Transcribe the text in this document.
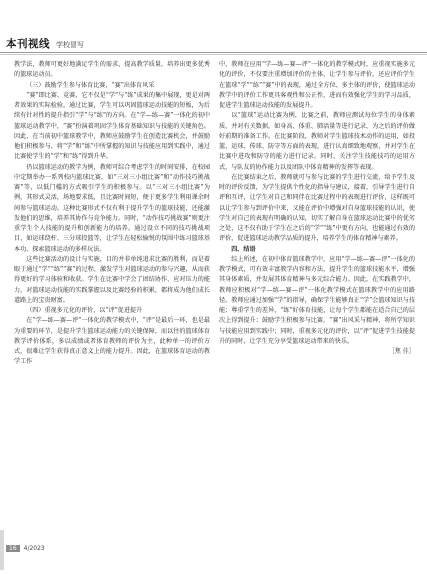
本刊视线 学校冒写

教学法，教师可更好地满足学生的需求，提高教学质量，培养出更多优秀的篮球运动员。

（三）鼓励学生参与体育比赛，“赛”出体育风采

“赛”即比赛、竞赛，它不仅是“学”与“练”成果的集中展现，更是对两者效果的实际检验。通过比赛，学生可以巩固篮球运动技能的短板，为后续有针对性的提升指引“学”与“练”的方向。在“学—练—赛”一体化的初中篮球运动教学中，“赛”扮演着巩固学生体育基础知识与技能的关键角色。因此，在当前初中篮球教学中，教师应鼓励学生在创造比赛机会，并鼓励他们积极参与，将“学”和“练”中所掌握的知识与技能应用到实践中，通过比赛使学生的“学”和“练”得到升华。

仍以篮球运动的教学为例，教师可综合考虑学生的时间安排，在校园中定期举办一系列校内篮球比赛，如“三对三小组比赛”和“动作技巧挑战赛”等，以低门槛的方式吸引学生的积极参与。以“三对三小组比赛”为例，其形式灵活，场地要求低，且比赛时间短，便于更多学生利用课余时间参与篮球运动。这种比赛形式不仅有利于提升学生的篮球技能，还能激发他们的思维，培养其协作与竞争能力。同时，“动作技巧挑战赛”则更注重学生个人技能的提升和创新能力的培养。通过设立不同的技巧挑战项目，如运球绕杆、三分球投篮等，让学生在轻松愉悦的氛围中练习篮球基本功，探索篮球运动的多样玩法。

这些比赛活动的设计与实施，目的并非单纯追求比赛的胜利，而是着眼于通过“学”“练”“赛”的过程，激发学生对篮球运动的参与兴趣，从而获得更好的学习体验和收获。学生在比赛中学会了团结协作、应对压力的能力，对篮球运动技能的实践掌握以及比赛经验的积累，都将成为他们成长道路上的宝贵财富。

（四）重视多元化的评价，以“评”促进提升

在“学—练—赛—评”一体化的教学模式中，“评”是最后一环，也是最为重要的环节，是提升学生篮球运动能力的关键保障，而以往的篮球体育教学评价体系，多以成绩或者体育教师的评价为主，此种单一的评价方式，很难让学生获得真正意义上的能力提升。因此，在篮球体育运动的教学工作

中，教师在应用“学—练—赛—评”一体化的教学模式时，应重视实施多元化的评价，不仅要注重增加评价的主体，让学生参与评价，还应评价学生在篮球“学”“练”“赛”中的表现，通过全方位、多主体的评价，使篮球运动教学中的评价工作更具客观性和公正性，进而有效强化学生的学习品质，促进学生篮球运动技能的发展提升。

以“篮球”运动比赛为例，比赛之前，教师应测试每位学生的身体素质，并对有关数据，如身高、体重、肺活量等进行记录，为之后的评价做好前期的准备工作。在比赛阶段，教师对学生篮球技术动作的运用，如投篮、运球、传球、防守等方面的表现，进行认真细致地观察，并对学生在比赛中进攻和防守的能力进行记录。同时，关注学生技能技巧的运用方式，与队友的协作能力以及团队中体育精神的发挥等表现。

在比赛结束之后，教师就可与参与比赛的学生进行交流，给予学生及时的评价反馈，为学生提供个性化的指导与建议，接着，引导学生进行自评和互评，让学生对自己和同伴在比赛过程中的表现进行评价，这样既可以让学生参与到评价中来，又能在评价中增强对自身篮球技能的认识，使学生对自己的表现有明确的认知，切实了解自身在篮球运动比赛中的优劣之处，这不仅有助于学生在之后的“学”“练”中更有方向，也能通过有效的评价，促进篮球运动教学品质的提升，培养学生的体育精神与素养。

四、结语

综上所述，在初中体育篮球教学中，应用“学—练—赛—评”一体化的教学模式，可有效丰富教学内容和方法，提升学生的篮球技能水平，增强其身体素质，并发展其体育精神与多元综合能力。因此，在实践教学中，教师应积极对“学—练—赛—评”一体化教学模式在篮球教学中的应用路径。教师应通过加强“学”的指导，确保学生能够真正“学”会篮球知识与技能；尊重学生的差异，“练”好体育技能，让每个学生都能在适合自己的层次上得到提升；鼓励学生积极参与比赛，“赛”出风采与精神，将所学知识与技能应用到实践中；同时，重视多元化的评价，以“评”促进学生技能提升的同时，让学生充分享受篮球运动带来的快乐。

［焦 佳］

16	4/2023
